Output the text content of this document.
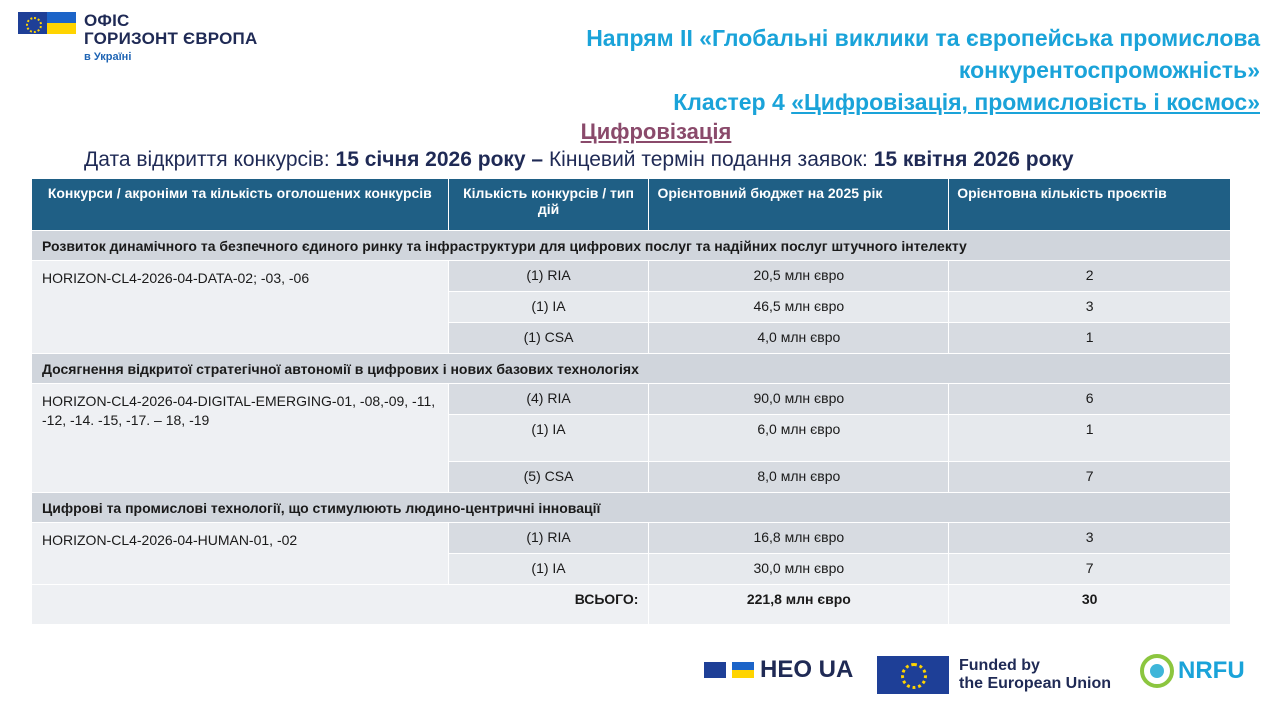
ОФІС
ГОРИЗОНТ ЄВРОПА
в Україні
Напрям II «Глобальні виклики та європейська промислова
конкурентоспроможність»
Кластер 4 «Цифровізація, промисловість і космос»
Цифровізація
Дата відкриття конкурсів: 15 січня 2026 року – Кінцевий термін подання заявок: 15 квітня 2026 року
Конкурси / акроніми та кількість оголошених конкурсів	Кількість конкурсів / тип дій	Орієнтовний бюджет на 2025 рік	Орієнтовна кількість проєктів
Розвиток динамічного та безпечного єдиного ринку та інфраструктури для цифрових послуг та надійних послуг штучного інтелекту			
HORIZON-CL4-2026-04-DATA-02; -03, -06	(1) RIA	20,5 млн євро	2
	(1) IA	46,5 млн євро	3
	(1) CSA	4,0 млн євро	1
Досягнення відкритої стратегічної автономії в цифрових і нових базових технологіях			
HORIZON-CL4-2026-04-DIGITAL-EMERGING-01, -08,-09, -11, -12, -14. -15, -17. – 18, -19	(4) RIA	90,0 млн євро	6
	(1) IA	6,0 млн євро	1
	(5) CSA	8,0 млн євро	7
Цифрові та промислові технології, що стимулюють людино-центричні інновації			
HORIZON-CL4-2026-04-HUMAN-01, -02	(1) RIA	16,8 млн євро	3
	(1) IA	30,0 млн євро	7
ВСЬОГО:		221,8 млн євро	30
HEO UA	Funded by
the European Union	NRFU
